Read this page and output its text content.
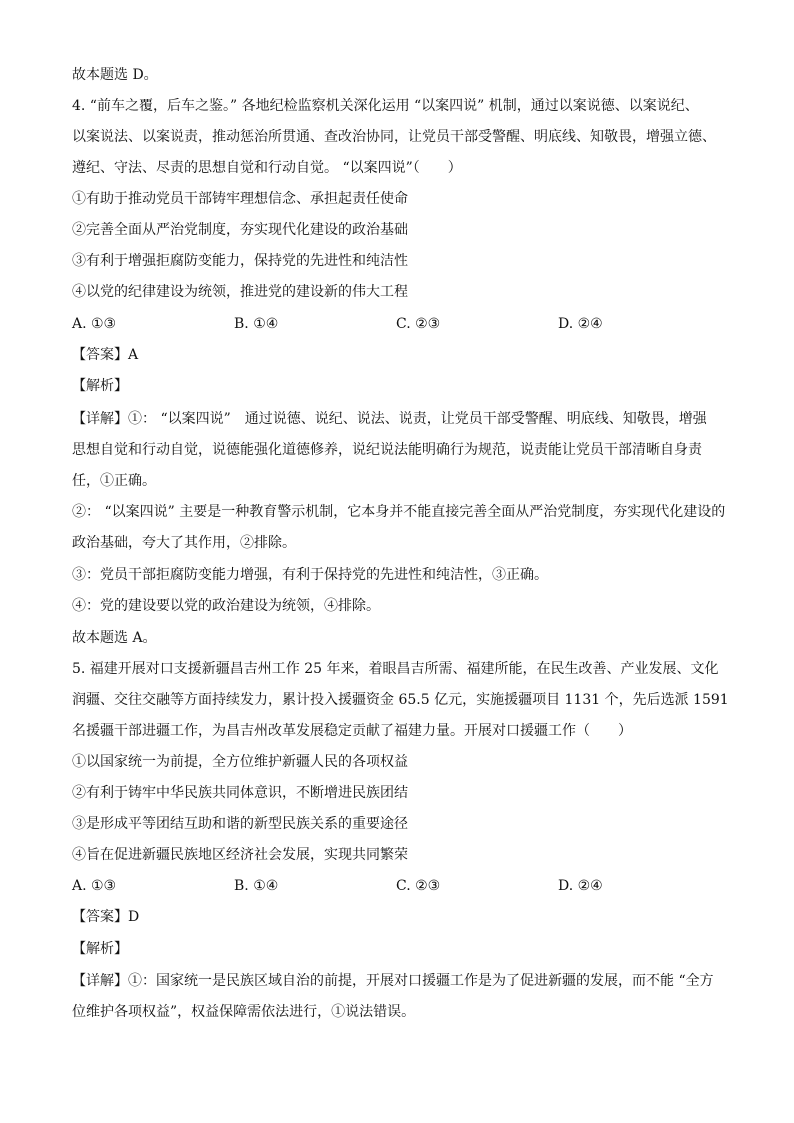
故本题选 D。
4. “前车之覆，后车之鉴。” 各地纪检监察机关深化运用 “以案四说” 机制，通过以案说德、以案说纪、
以案说法、以案说责，推动惩治所贯通、查改治协同，让党员干部受警醒、明底线、知敬畏，增强立德、
遵纪、守法、尽责的思想自觉和行动自觉。 “以案四说”（　　）
①有助于推动党员干部铸牢理想信念、承担起责任使命
②完善全面从严治党制度，夯实现代化建设的政治基础
③有利于增强拒腐防变能力，保持党的先进性和纯洁性
④以党的纪律建设为统领，推进党的建设新的伟大工程
A. ①③	B. ①④	C. ②③	D. ②④
【答案】A
【解析】
【详解】①： “以案四说”　通过说德、说纪、说法、说责，让党员干部受警醒、明底线、知敬畏，增强
思想自觉和行动自觉，说德能强化道德修养，说纪说法能明确行为规范，说责能让党员干部清晰自身责
任，①正确。
②： “以案四说” 主要是一种教育警示机制，它本身并不能直接完善全面从严治党制度，夯实现代化建设的
政治基础，夸大了其作用，②排除。
③：党员干部拒腐防变能力增强，有利于保持党的先进性和纯洁性，③正确。
④：党的建设要以党的政治建设为统领，④排除。
故本题选 A。
5. 福建开展对口支援新疆昌吉州工作 25 年来，着眼昌吉所需、福建所能，在民生改善、产业发展、文化
润疆、交往交融等方面持续发力，累计投入援疆资金 65.5 亿元，实施援疆项目 1131 个，先后选派 1591
名援疆干部进疆工作，为昌吉州改革发展稳定贡献了福建力量。开展对口援疆工作（　　）
①以国家统一为前提，全方位维护新疆人民的各项权益
②有利于铸牢中华民族共同体意识，不断增进民族团结
③是形成平等团结互助和谐的新型民族关系的重要途径
④旨在促进新疆民族地区经济社会发展，实现共同繁荣
A. ①③	B. ①④	C. ②③	D. ②④
【答案】D
【解析】
【详解】①：国家统一是民族区域自治的前提，开展对口援疆工作是为了促进新疆的发展，而不能 “全方
位维护各项权益”，权益保障需依法进行，①说法错误。
